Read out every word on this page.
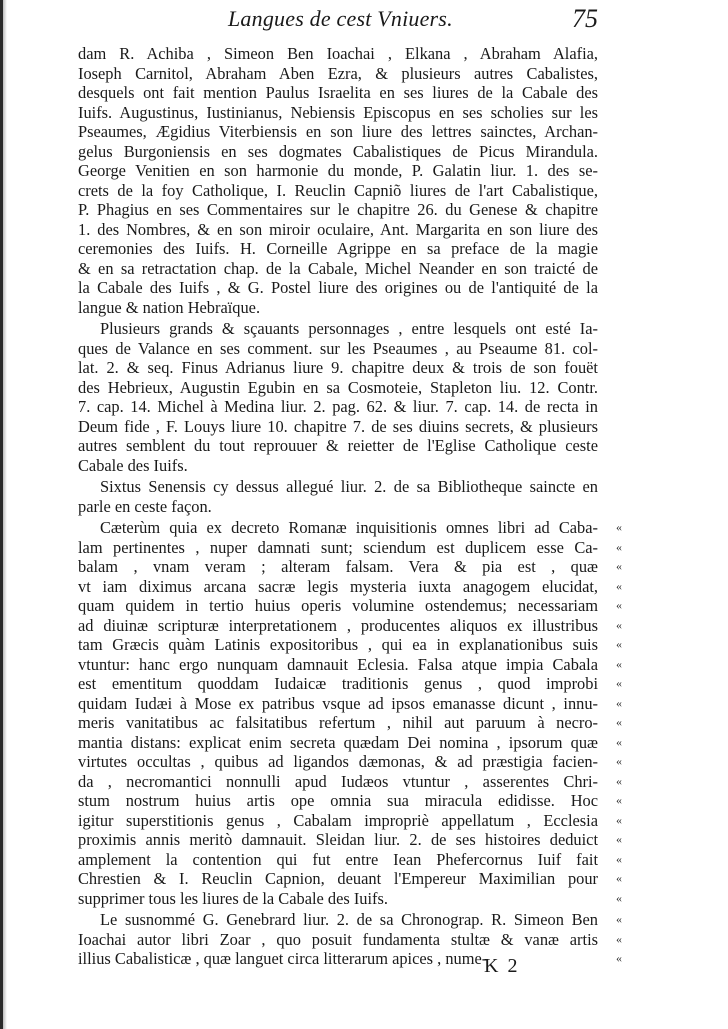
Langues de cest Vniuers.	75
dam R. Achiba , Simeon Ben Ioachai , Elkana , Abraham Alafia,
Ioseph Carnitol, Abraham Aben Ezra, & plusieurs autres Cabalistes,
desquels ont fait mention Paulus Israelita en ses liures de la Cabale des
Iuifs. Augustinus, Iustinianus, Nebiensis Episcopus en ses scholies sur les
Pseaumes, Ægidius Viterbiensis en son liure des lettres sainctes, Archan-
gelus Burgoniensis en ses dogmates Cabalistiques de Picus Mirandula.
George Venitien en son harmonie du monde, P. Galatin liur. 1. des se-
crets de la foy Catholique, I. Reuclin Capniõ liures de l'art Cabalistique,
P. Phagius en ses Commentaires sur le chapitre 26. du Genese & chapitre
1. des Nombres, & en son miroir oculaire, Ant. Margarita en son liure des
ceremonies des Iuifs. H. Corneille Agrippe en sa preface de la magie
& en sa retractation chap. de la Cabale, Michel Neander en son traicté de
la Cabale des Iuifs , & G. Postel liure des origines ou de l'antiquité de la
langue & nation Hebraïque.
Plusieurs grands & sçauants personnages , entre lesquels ont esté Ia-
ques de Valance en ses comment. sur les Pseaumes , au Pseaume 81. col-
lat. 2. & seq. Finus Adrianus liure 9. chapitre deux & trois de son fouët
des Hebrieux, Augustin Egubin en sa Cosmoteie, Stapleton liu. 12. Contr.
7. cap. 14. Michel à Medina liur. 2. pag. 62. & liur. 7. cap. 14. de recta in
Deum fide , F. Louys liure 10. chapitre 7. de ses diuins secrets, & plusieurs
autres semblent du tout reprouuer & reietter de l'Eglise Catholique ceste
Cabale des Iuifs.
Sixtus Senensis cy dessus allegué liur. 2. de sa Bibliotheque saincte en
parle en ceste façon.
Cæterùm quia ex decreto Romanæ inquisitionis omnes libri ad Caba- «
lam pertinentes , nuper damnati sunt; sciendum est duplicem esse Ca- «
balam , vnam veram ; alteram falsam. Vera & pia est , quæ «
vt iam diximus arcana sacræ legis mysteria iuxta anagogem elucidat, «
quam quidem in tertio huius operis volumine ostendemus; necessariam «
ad diuinæ scripturæ interpretationem , producentes aliquos ex illustribus «
tam Græcis quàm Latinis expositoribus , qui ea in explanationibus suis «
vtuntur: hanc ergo nunquam damnauit Eclesia. Falsa atque impia Cabala «
est ementitum quoddam Iudaicæ traditionis genus , quod improbi «
quidam Iudæi à Mose ex patribus vsque ad ipsos emanasse dicunt , innu- «
meris vanitatibus ac falsitatibus refertum , nihil aut paruum à necro- «
mantia distans: explicat enim secreta quædam Dei nomina , ipsorum quæ «
virtutes occultas , quibus ad ligandos dæmonas, & ad præstigia facien- «
da , necromantici nonnulli apud Iudæos vtuntur , asserentes Chri- «
stum nostrum huius artis ope omnia sua miracula edidisse. Hoc «
igitur superstitionis genus , Cabalam impropriè appellatum , Ecclesia «
proximis annis meritò damnauit. Sleidan liur. 2. de ses histoires deduict «
amplement la contention qui fut entre Iean Phefercornus Iuif fait «
Chrestien & I. Reuclin Capnion, deuant l'Empereur Maximilian pour «
supprimer tous les liures de la Cabale des Iuifs.	«
Le susnommé G. Genebrard liur. 2. de sa Chronograp. R. Simeon Ben «
Ioachai autor libri Zoar , quo posuit fundamenta stultæ & vanæ artis «
illius Cabalisticæ , quæ languet circa litterarum apices , nume-	«
K 2
